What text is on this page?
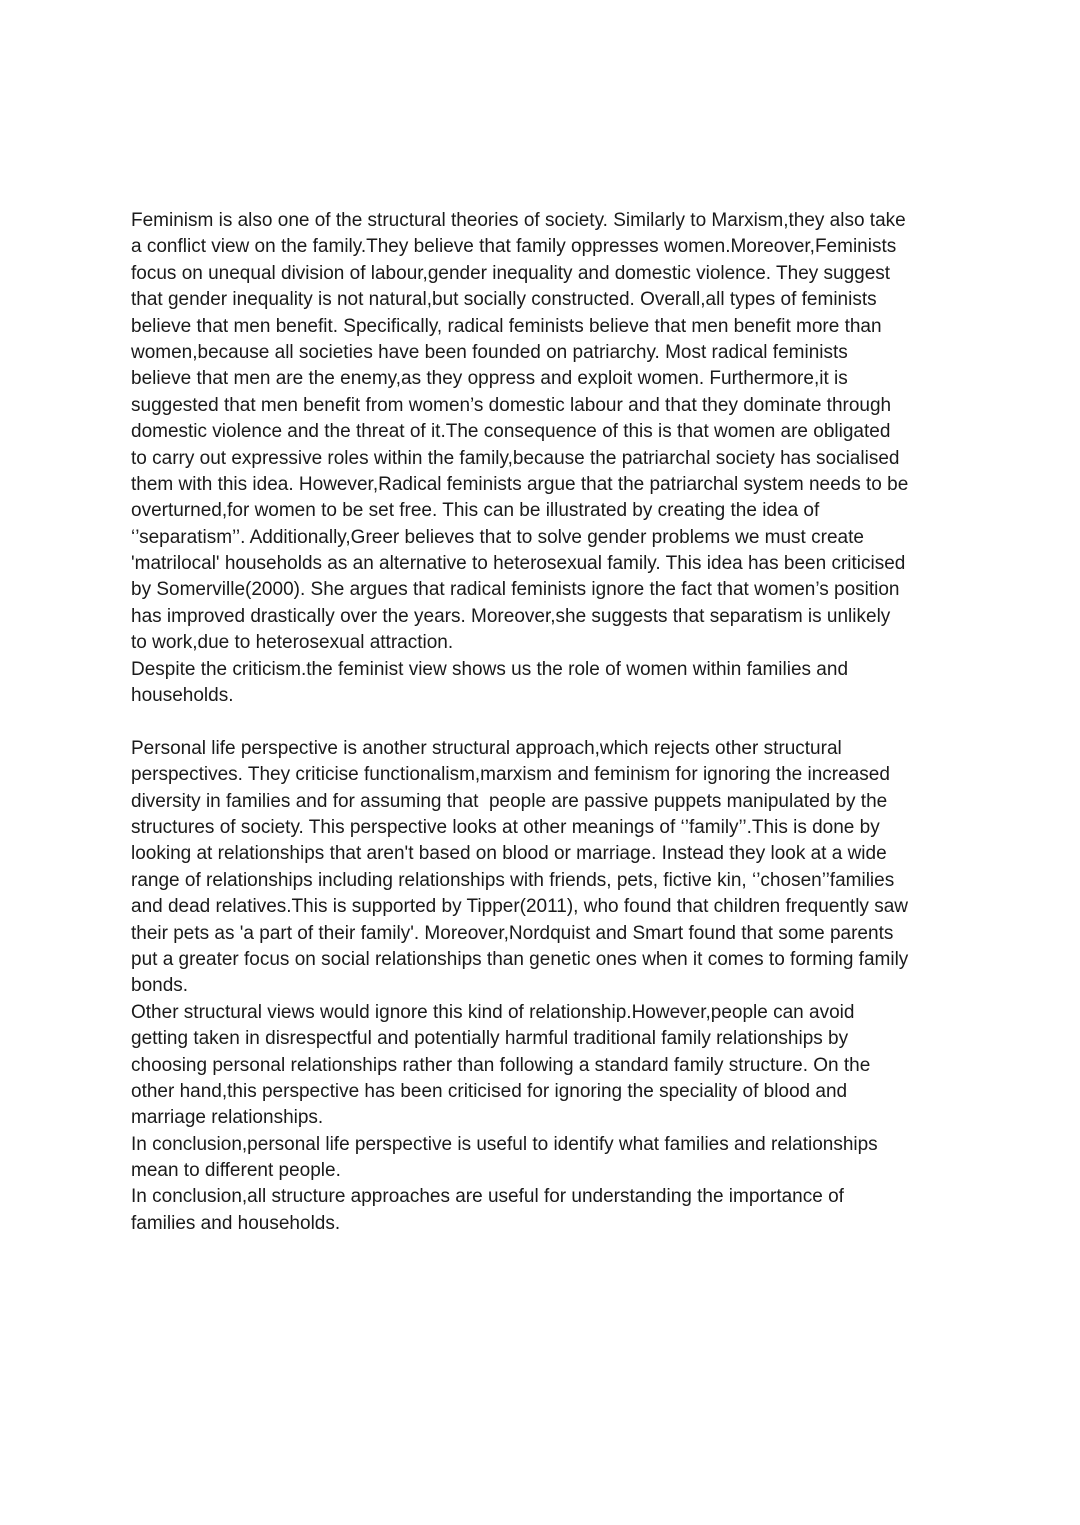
Feminism is also one of the structural theories of society. Similarly to Marxism,they also take
a conflict view on the family.They believe that family oppresses women.Moreover,Feminists
focus on unequal division of labour,gender inequality and domestic violence. They suggest
that gender inequality is not natural,but socially constructed. Overall,all types of feminists
believe that men benefit. Specifically, radical feminists believe that men benefit more than
women,because all societies have been founded on patriarchy. Most radical feminists
believe that men are the enemy,as they oppress and exploit women. Furthermore,it is
suggested that men benefit from women’s domestic labour and that they dominate through
domestic violence and the threat of it.The consequence of this is that women are obligated
to carry out expressive roles within the family,because the patriarchal society has socialised
them with this idea. However,Radical feminists argue that the patriarchal system needs to be
overturned,for women to be set free. This can be illustrated by creating the idea of
‘’separatism’’. Additionally,Greer believes that to solve gender problems we must create
'matrilocal' households as an alternative to heterosexual family. This idea has been criticised
by Somerville(2000). She argues that radical feminists ignore the fact that women’s position
has improved drastically over the years. Moreover,she suggests that separatism is unlikely
to work,due to heterosexual attraction.
Despite the criticism.the feminist view shows us the role of women within families and
households.
Personal life perspective is another structural approach,which rejects other structural
perspectives. They criticise functionalism,marxism and feminism for ignoring the increased
diversity in families and for assuming that  people are passive puppets manipulated by the
structures of society. This perspective looks at other meanings of ‘’family’’.This is done by
looking at relationships that aren't based on blood or marriage. Instead they look at a wide
range of relationships including relationships with friends, pets, fictive kin, ‘’chosen’’families
and dead relatives.This is supported by Tipper(2011), who found that children frequently saw
their pets as 'a part of their family'. Moreover,Nordquist and Smart found that some parents
put a greater focus on social relationships than genetic ones when it comes to forming family
bonds.
Other structural views would ignore this kind of relationship.However,people can avoid
getting taken in disrespectful and potentially harmful traditional family relationships by
choosing personal relationships rather than following a standard family structure. On the
other hand,this perspective has been criticised for ignoring the speciality of blood and
marriage relationships.
In conclusion,personal life perspective is useful to identify what families and relationships
mean to different people.
In conclusion,all structure approaches are useful for understanding the importance of
families and households.
